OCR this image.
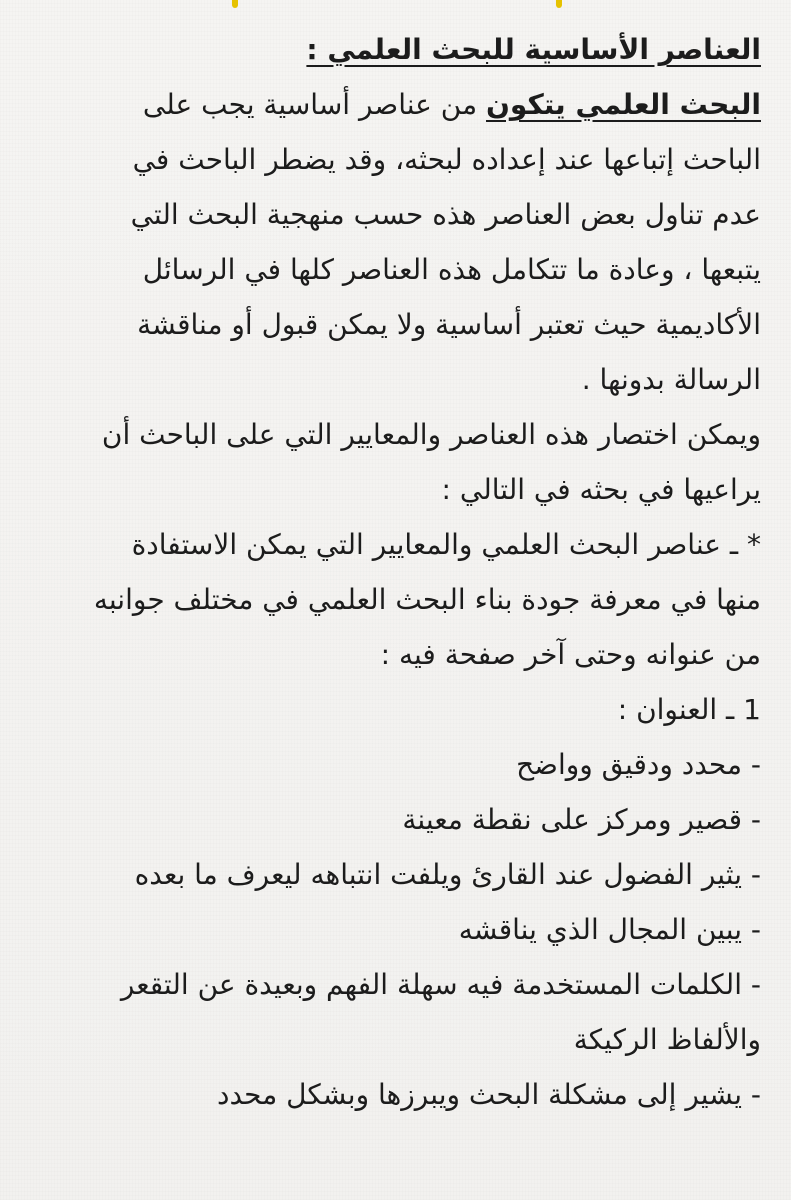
العناصر الأساسية للبحث العلمي :
البحث العلمي يتكون من عناصر أساسية يجب على
الباحث إتباعها عند إعداده لبحثه، وقد يضطر الباحث في
عدم تناول بعض العناصر هذه حسب منهجية البحث التي
يتبعها ، وعادة ما تتكامل هذه العناصر كلها في الرسائل
الأكاديمية حيث تعتبر أساسية ولا يمكن قبول أو مناقشة
الرسالة بدونها .
ويمكن اختصار هذه العناصر والمعايير التي على الباحث أن
يراعيها في بحثه في التالي :
* ـ عناصر البحث العلمي والمعايير التي يمكن الاستفادة
منها في معرفة جودة بناء البحث العلمي في مختلف جوانبه
من عنوانه وحتى آخر صفحة فيه :
1 ـ العنوان :
- محدد ودقيق وواضح
- قصير ومركز على نقطة معينة
- يثير الفضول عند القارئ ويلفت انتباهه ليعرف ما بعده
- يبين المجال الذي يناقشه
- الكلمات المستخدمة فيه سهلة الفهم وبعيدة عن التقعر
والألفاظ الركيكة
- يشير إلى مشكلة البحث ويبرزها وبشكل محدد
